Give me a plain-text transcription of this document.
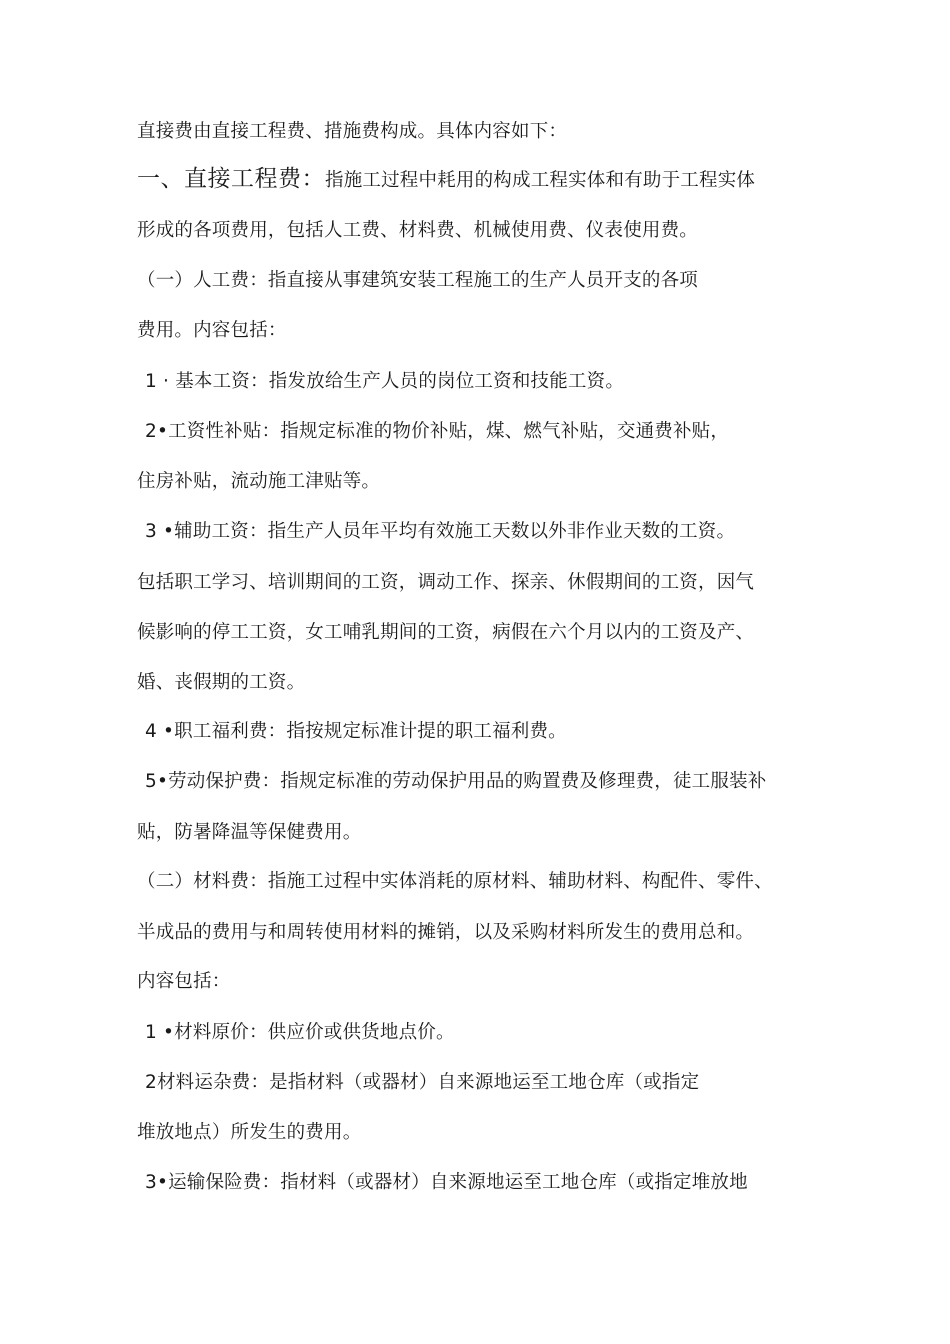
直接费由直接工程费、措施费构成。具体内容如下：
一、直接工程费：指施工过程中耗用的构成工程实体和有助于工程实体
形成的各项费用，包括人工费、材料费、机械使用费、仪表使用费。
（一）人工费：指直接从事建筑安装工程施工的生产人员开支的各项
费用。内容包括：
1 · 基本工资：指发放给生产人员的岗位工资和技能工资。
2•工资性补贴：指规定标准的物价补贴，煤、燃气补贴，交通费补贴，
住房补贴，流动施工津贴等。
3 •辅助工资：指生产人员年平均有效施工天数以外非作业天数的工资。
包括职工学习、培训期间的工资，调动工作、探亲、休假期间的工资，因气
候影响的停工工资，女工哺乳期间的工资，病假在六个月以内的工资及产、
婚、丧假期的工资。
4 •职工福利费：指按规定标准计提的职工福利费。
5•劳动保护费：指规定标准的劳动保护用品的购置费及修理费，徒工服装补
贴，防暑降温等保健费用。
（二）材料费：指施工过程中实体消耗的原材料、辅助材料、构配件、零件、
半成品的费用与和周转使用材料的摊销，以及采购材料所发生的费用总和。
内容包括：
1 •材料原价：供应价或供货地点价。
2材料运杂费：是指材料（或器材）自来源地运至工地仓库（或指定
堆放地点）所发生的费用。
3•运输保险费：指材料（或器材）自来源地运至工地仓库（或指定堆放地
